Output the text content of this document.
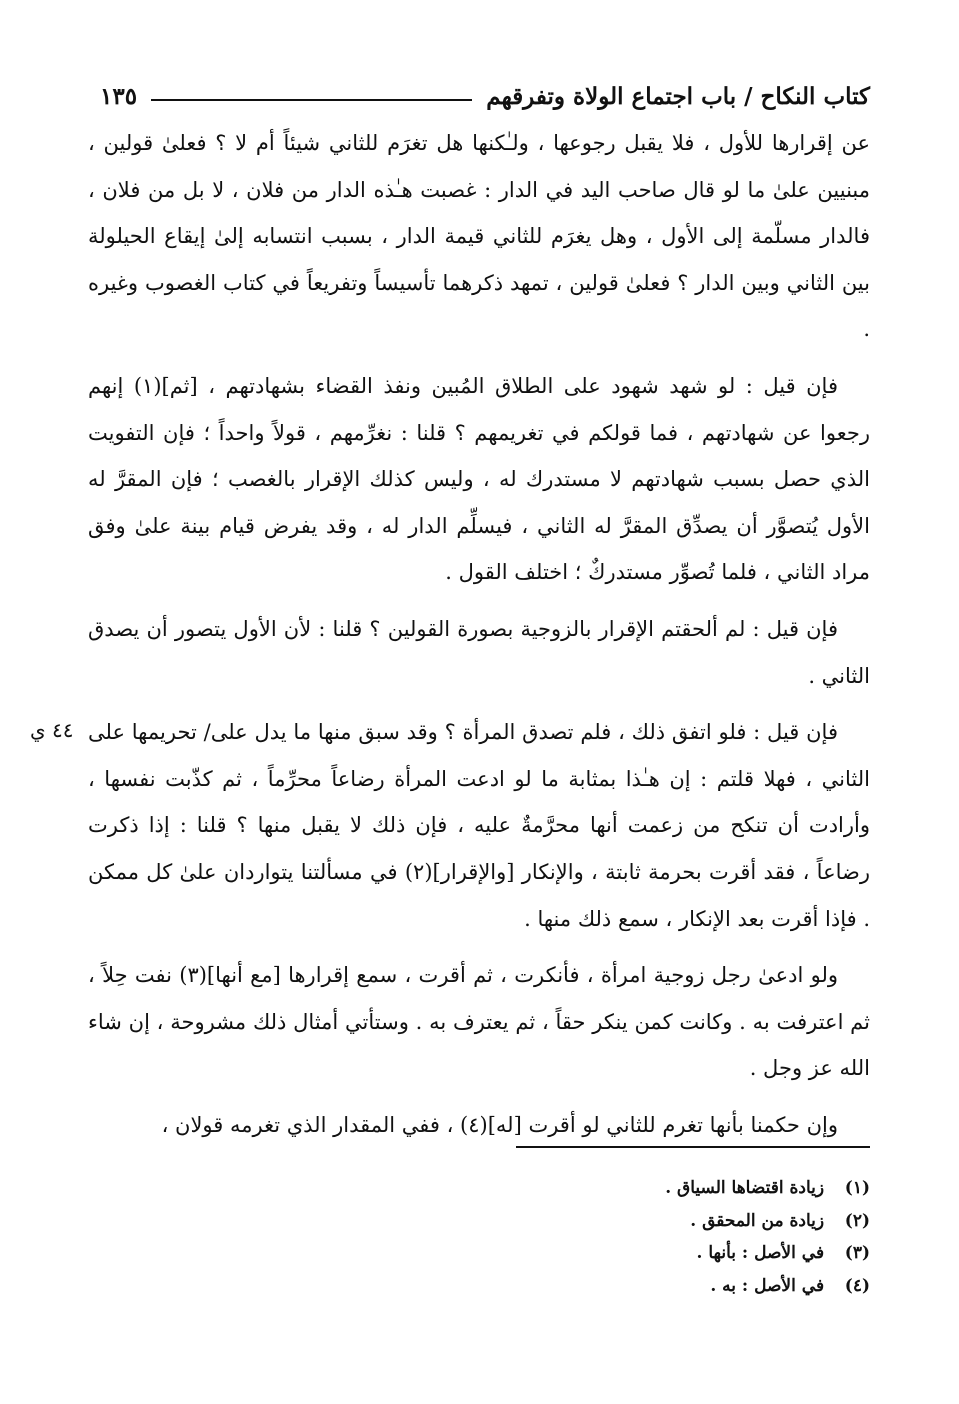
كتاب النكاح / باب اجتماع الولاة وتفرقهم
١٣٥
٤٤ ي

عن إقرارها للأول ، فلا يقبل رجوعها ، ولـٰكنها هل تغرَم للثاني شيئاً أم لا ؟ فعلىٰ قولين ، مبنيين علىٰ ما لو قال صاحب اليد في الدار : غصبت هـٰذه الدار من فلان ، لا بل من فلان ، فالدار مسلّمة إلى الأول ، وهل يغرَم للثاني قيمة الدار ، بسبب انتسابه إلىٰ إيقاع الحيلولة بين الثاني وبين الدار ؟ فعلىٰ قولين ، تمهد ذكرهما تأسيساً وتفريعاً في كتاب الغصوب وغيره .

فإن قيل : لو شهد شهود على الطلاق المُبين ونفذ القضاء بشهادتهم ، [ثم](١) إنهم رجعوا عن شهادتهم ، فما قولكم في تغريمهم ؟ قلنا : نغرِّمهم ، قولاً واحداً ؛ فإن التفويت الذي حصل بسبب شهادتهم لا مستدرك له ، وليس كذلك الإقرار بالغصب ؛ فإن المقرَّ له الأول يُتصوَّر أن يصدِّق المقرَّ له الثاني ، فيسلِّم الدار له ، وقد يفرض قيام بينة علىٰ وفق مراد الثاني ، فلما تُصوِّر مستدركٌ ؛ اختلف القول .

فإن قيل : لم ألحقتم الإقرار بالزوجية بصورة القولين ؟ قلنا : لأن الأول يتصور أن يصدق الثاني .

فإن قيل : فلو اتفق ذلك ، فلم تصدق المرأة ؟ وقد سبق منها ما يدل على/ تحريمها على الثاني ، فهلا قلتم : إن هـٰذا بمثابة ما لو ادعت المرأة رضاعاً محرِّماً ، ثم كذّبت نفسها ، وأرادت أن تنكح من زعمت أنها محرَّمةٌ عليه ، فإن ذلك لا يقبل منها ؟ قلنا : إذا ذكرت رضاعاً ، فقد أقرت بحرمة ثابتة ، والإنكار [والإقرار](٢) في مسألتنا يتواردان علىٰ كل ممكن . فإذا أقرت بعد الإنكار ، سمع ذلك منها .

ولو ادعىٰ رجل زوجية امرأة ، فأنكرت ، ثم أقرت ، سمع إقرارها [مع أنها](٣) نفت حِلاً ، ثم اعترفت به . وكانت كمن ينكر حقاً ، ثم يعترف به . وستأتي أمثال ذلك مشروحة ، إن شاء الله عز وجل .

وإن حكمنا بأنها تغرم للثاني لو أقرت [له](٤) ، ففي المقدار الذي تغرمه قولان ،

(١) زيادة اقتضاها السياق .
(٢) زيادة من المحقق .
(٣) في الأصل : بأنها .
(٤) في الأصل : به .
